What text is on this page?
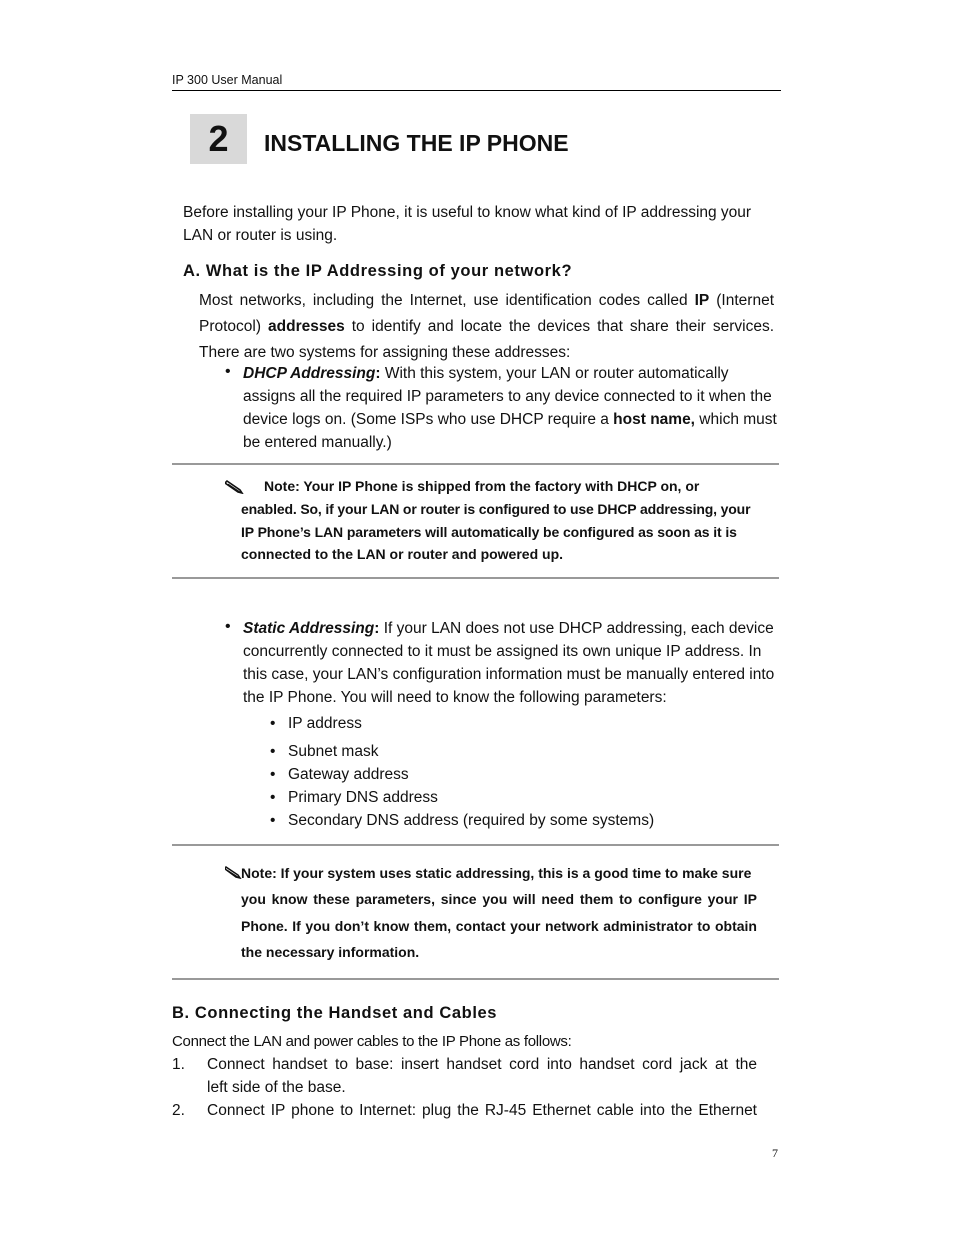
IP 300 User Manual
2	INSTALLING THE IP PHONE
Before installing your IP Phone, it is useful to know what kind of IP addressing your
LAN or router is using.
A. What is the IP Addressing of your network?
Most networks, including the Internet, use identification codes called IP (Internet
Protocol) addresses to identify and locate the devices that share their services.
There are two systems for assigning these addresses:
• DHCP Addressing: With this system, your LAN or router automatically
assigns all the required IP parameters to any device connected to it when the
device logs on. (Some ISPs who use DHCP require a host name, which must
be entered manually.)
Note: Your IP Phone is shipped from the factory with DHCP on, or
enabled. So, if your LAN or router is configured to use DHCP addressing, your
IP Phone’s LAN parameters will automatically be configured as soon as it is
connected to the LAN or router and powered up.
• Static Addressing: If your LAN does not use DHCP addressing, each device
concurrently connected to it must be assigned its own unique IP address. In
this case, your LAN’s configuration information must be manually entered into
the IP Phone. You will need to know the following parameters:
• IP address
• Subnet mask
• Gateway address
• Primary DNS address
• Secondary DNS address (required by some systems)
Note: If your system uses static addressing, this is a good time to make sure
you know these parameters, since you will need them to configure your IP
Phone. If you don’t know them, contact your network administrator to obtain
the necessary information.
B. Connecting the Handset and Cables
Connect the LAN and power cables to the IP Phone as follows:
1. Connect handset to base: insert handset cord into handset cord jack at the
left side of the base.
2. Connect IP phone to Internet: plug the RJ-45 Ethernet cable into the Ethernet
7
